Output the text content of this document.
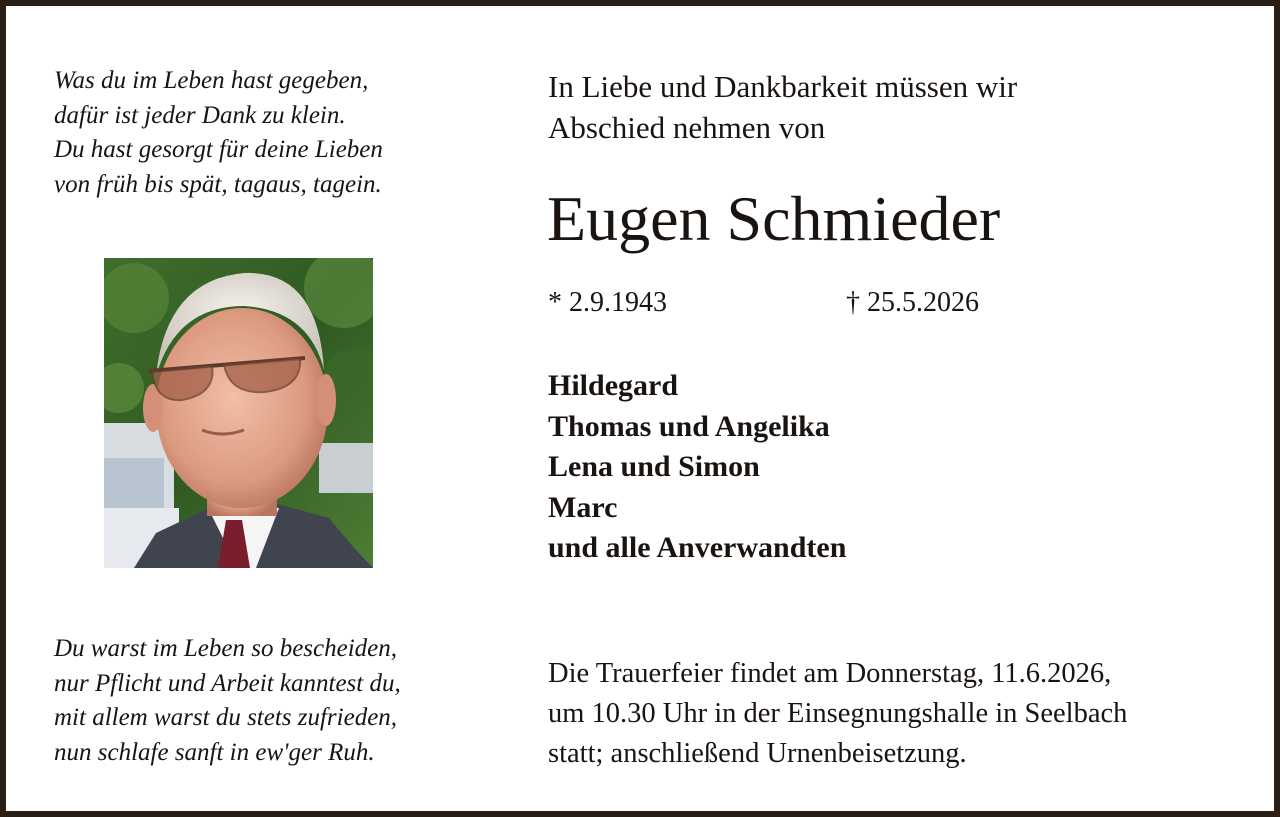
Was du im Leben hast gegeben,
dafür ist jeder Dank zu klein.
Du hast gesorgt für deine Lieben
von früh bis spät, tagaus, tagein.
In Liebe und Dankbarkeit müssen wir
Abschied nehmen von
Eugen Schmieder
* 2.9.1943	† 25.5.2026
Hildegard
Thomas und Angelika
Lena und Simon
Marc
und alle Anverwandten
Du warst im Leben so bescheiden,
nur Pflicht und Arbeit kanntest du,
mit allem warst du stets zufrieden,
nun schlafe sanft in ew'ger Ruh.
Die Trauerfeier findet am Donnerstag, 11.6.2026,
um 10.30 Uhr in der Einsegnungshalle in Seelbach
statt; anschließend Urnenbeisetzung.
